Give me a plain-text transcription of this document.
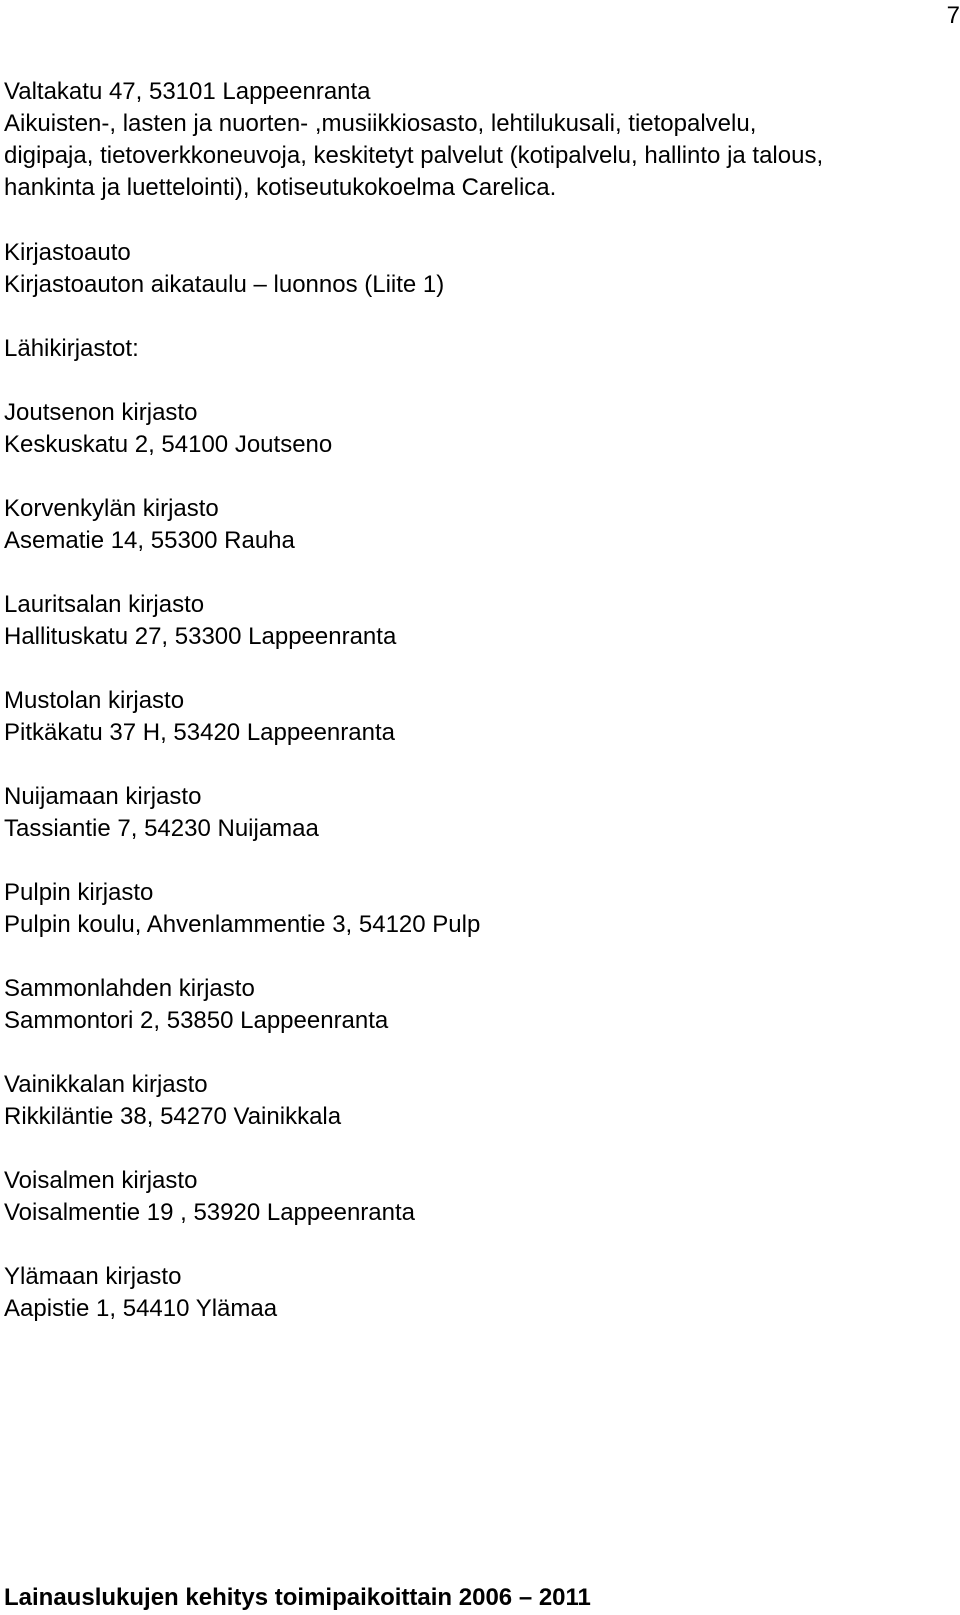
7
Valtakatu 47, 53101 Lappeenranta
Aikuisten-, lasten ja nuorten- ,musiikkiosasto, lehtilukusali, tietopalvelu,
digipaja, tietoverkkoneuvoja, keskitetyt palvelut (kotipalvelu, hallinto ja talous,
hankinta ja luettelointi), kotiseutukokoelma Carelica.
Kirjastoauto
Kirjastoauton aikataulu – luonnos (Liite 1)
Lähikirjastot:
Joutsenon kirjasto
Keskuskatu 2, 54100 Joutseno
Korvenkylän kirjasto
Asematie 14, 55300 Rauha
Lauritsalan kirjasto
Hallituskatu 27, 53300 Lappeenranta
Mustolan kirjasto
Pitkäkatu 37 H, 53420 Lappeenranta
Nuijamaan kirjasto
Tassiantie 7, 54230 Nuijamaa
Pulpin kirjasto
Pulpin koulu, Ahvenlammentie 3, 54120 Pulp
Sammonlahden kirjasto
Sammontori 2, 53850 Lappeenranta
Vainikkalan kirjasto
Rikkiläntie 38, 54270 Vainikkala
Voisalmen kirjasto
Voisalmentie 19 , 53920 Lappeenranta
Ylämaan kirjasto
Aapistie 1, 54410 Ylämaa
Lainauslukujen kehitys toimipaikoittain 2006 – 2011
